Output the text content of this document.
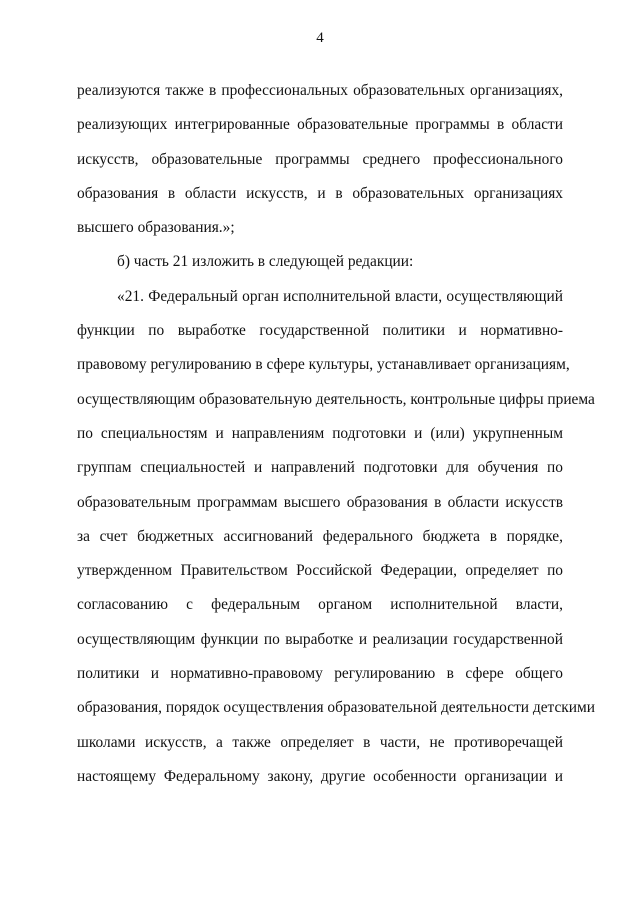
4
реализуются также в профессиональных образовательных организациях,
реализующих интегрированные образовательные программы в области
искусств, образовательные программы среднего профессионального
образования в области искусств, и в образовательных организациях
высшего образования.»;
б) часть 21 изложить в следующей редакции:
«21. Федеральный орган исполнительной власти, осуществляющий
функции по выработке государственной политики и нормативно-
правовому регулированию в сфере культуры, устанавливает организациям,
осуществляющим образовательную деятельность, контрольные цифры приема
по специальностям и направлениям подготовки и (или) укрупненным
группам специальностей и направлений подготовки для обучения по
образовательным программам высшего образования в области искусств
за счет бюджетных ассигнований федерального бюджета в порядке,
утвержденном Правительством Российской Федерации, определяет по
согласованию с федеральным органом исполнительной власти,
осуществляющим функции по выработке и реализации государственной
политики и нормативно-правовому регулированию в сфере общего
образования, порядок осуществления образовательной деятельности детскими
школами искусств, а также определяет в части, не противоречащей
настоящему Федеральному закону, другие особенности организации и
